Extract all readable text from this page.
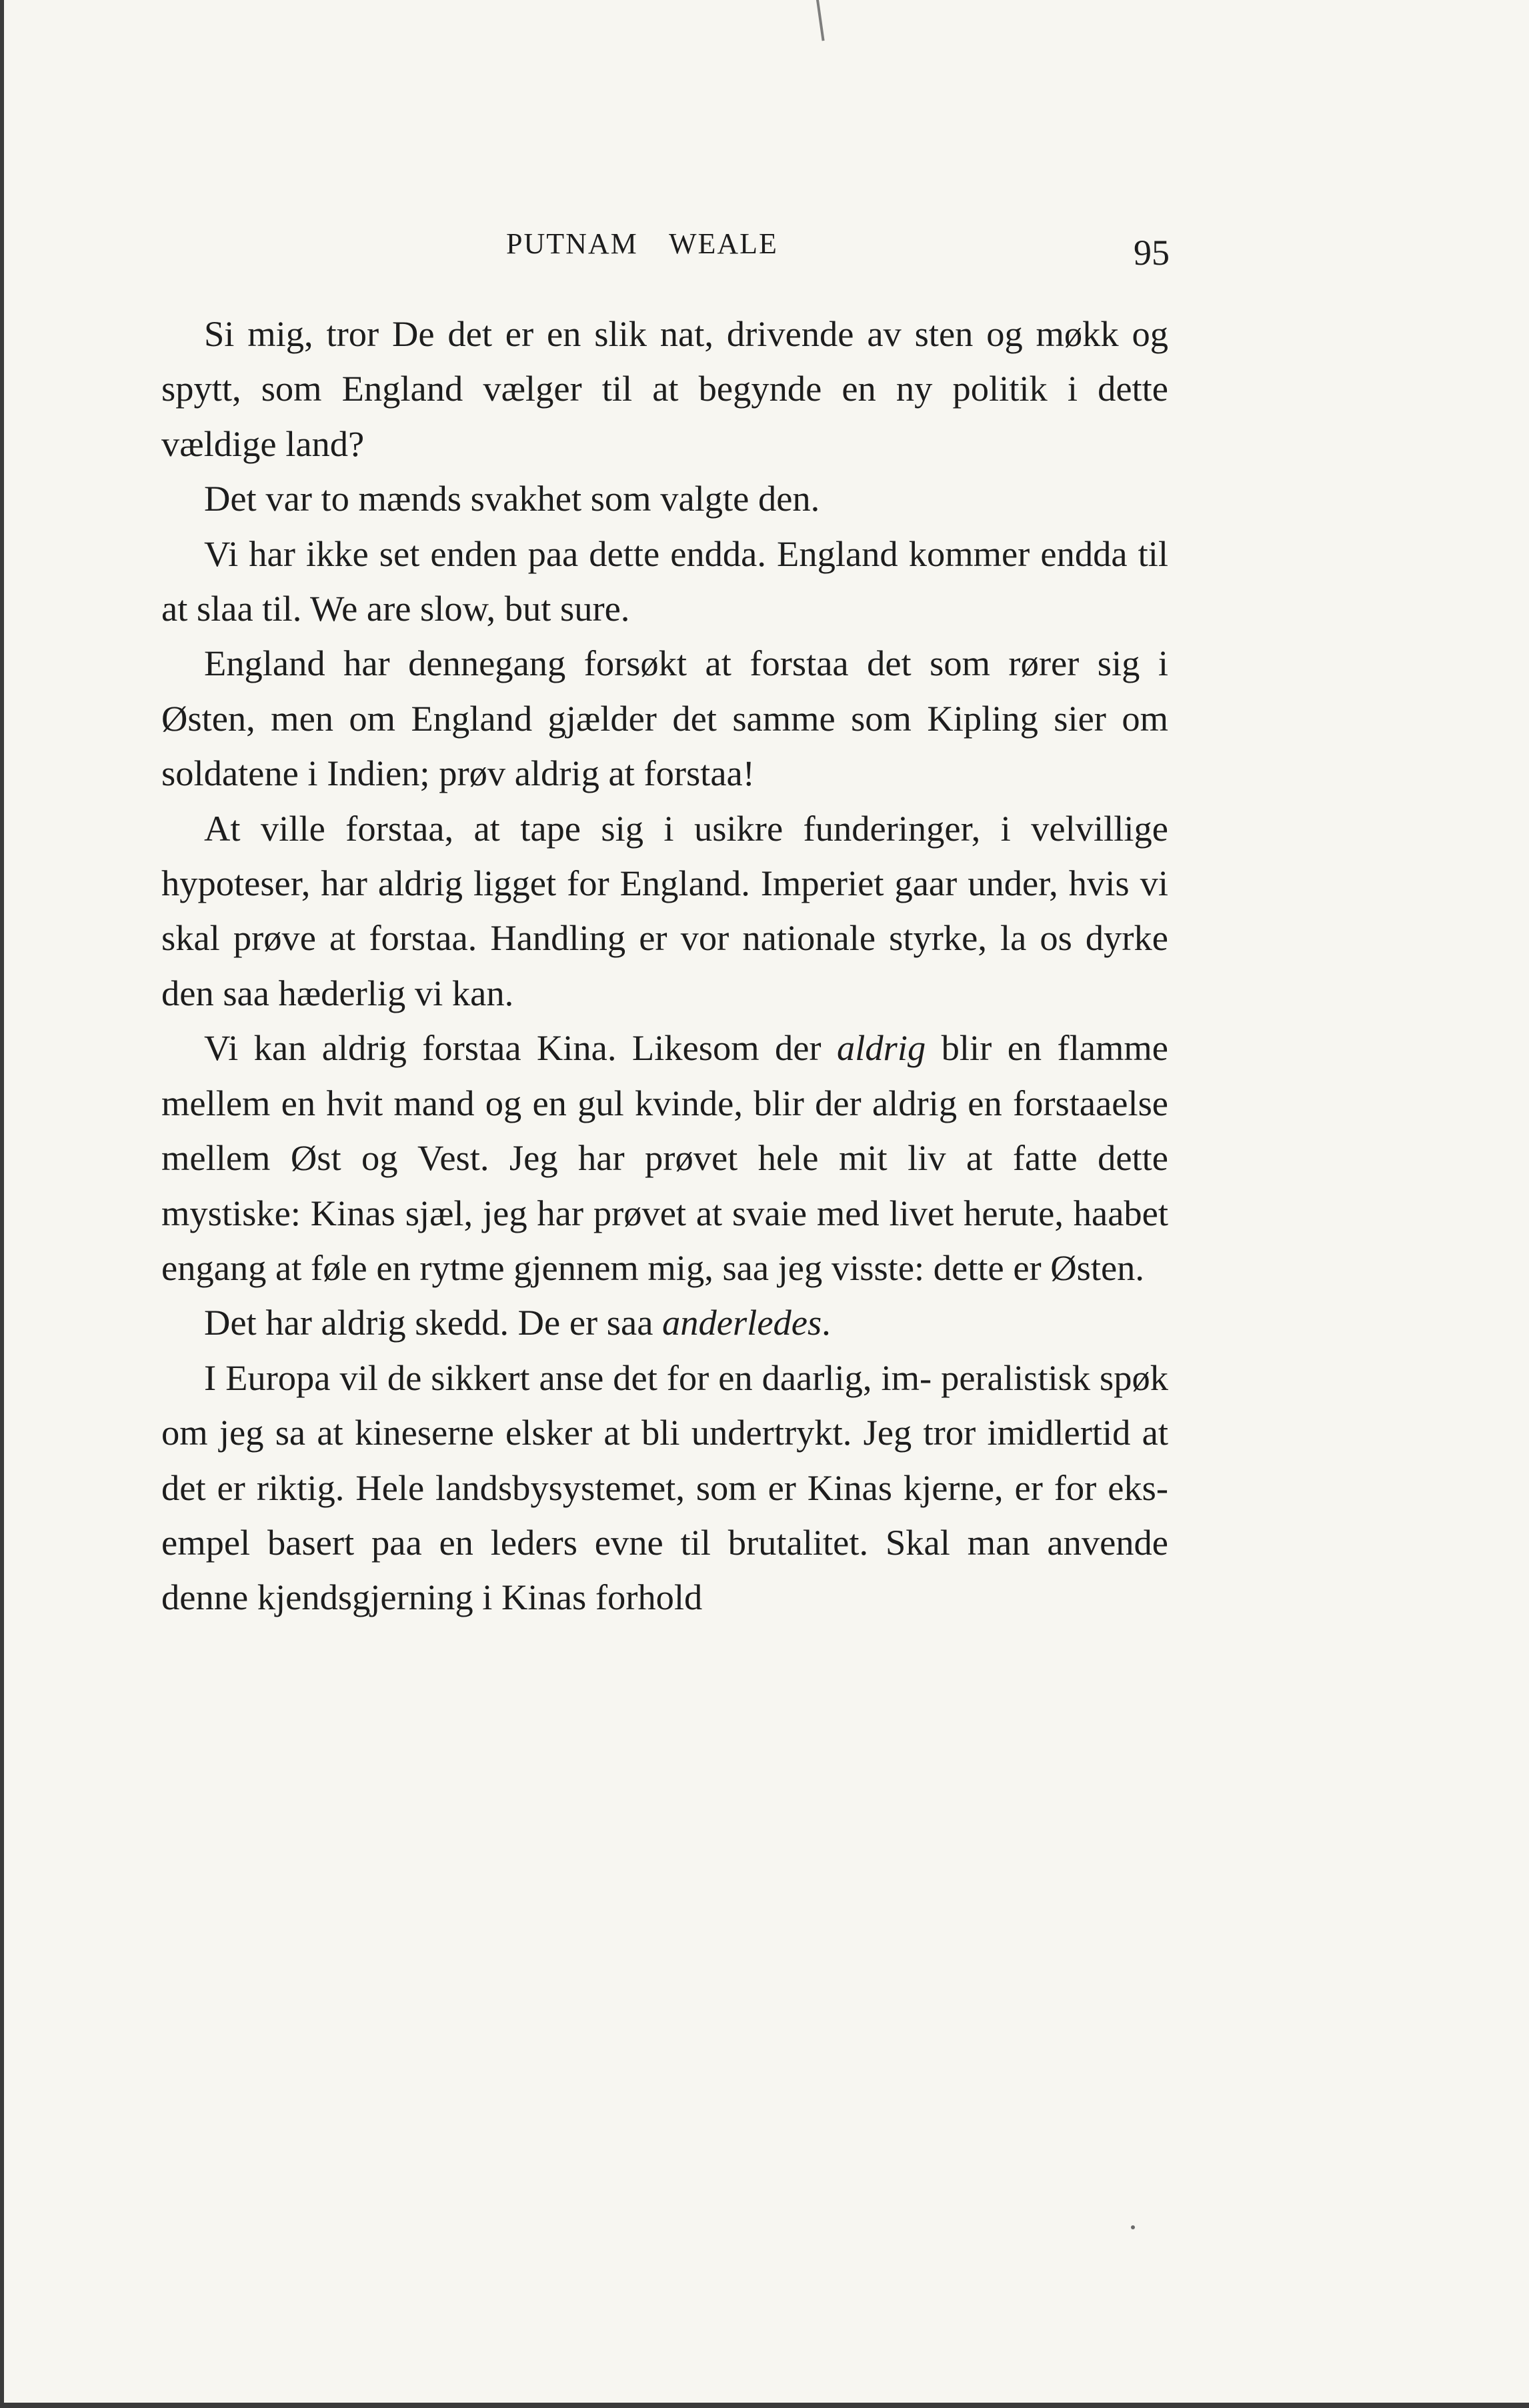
PUTNAM WEALE	95

Si mig, tror De det er en slik nat, drivende av sten og møkk og spytt, som England vælger til at begynde en ny politik i dette vældige land?

Det var to mænds svakhet som valgte den.

Vi har ikke set enden paa dette endda. England kommer endda til at slaa til. We are slow, but sure.

England har dennegang forsøkt at forstaa det som rører sig i Østen, men om England gjælder det samme som Kipling sier om soldatene i Indien; prøv aldrig at forstaa!

At ville forstaa, at tape sig i usikre funderinger, i velvillige hypoteser, har aldrig ligget for England. Imperiet gaar under, hvis vi skal prøve at forstaa. Handling er vor nationale styrke, la os dyrke den saa hæderlig vi kan.

Vi kan aldrig forstaa Kina. Likesom der aldrig blir en flamme mellem en hvit mand og en gul kvinde, blir der aldrig en forstaaelse mellem Øst og Vest. Jeg har prøvet hele mit liv at fatte dette mystiske: Kinas sjæl, jeg har prøvet at svaie med livet herute, haabet engang at føle en rytme gjennem mig, saa jeg visste: dette er Østen.

Det har aldrig skedd. De er saa anderledes.

I Europa vil de sikkert anse det for en daarlig, im- peralistisk spøk om jeg sa at kineserne elsker at bli undertrykt. Jeg tror imidlertid at det er riktig. Hele landsbysystemet, som er Kinas kjerne, er for eks- empel basert paa en leders evne til brutalitet. Skal man anvende denne kjendsgjerning i Kinas forhold
